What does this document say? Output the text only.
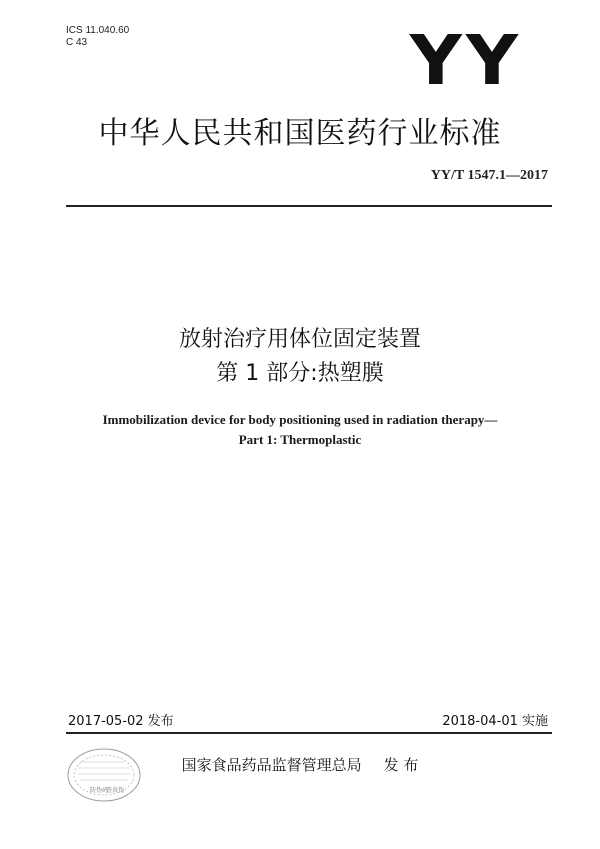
ICS 11.040.60
C 43	YY
中华人民共和国医药行业标准
YY/T 1547.1—2017
放射治疗用体位固定装置
第 1 部分:热塑膜
Immobilization device for body positioning used in radiation therapy—
Part 1: Thermoplastic
2017-05-02 发布	2018-04-01 实施
防伪码
查真伪
国家食品药品监督管理总局 发 布
